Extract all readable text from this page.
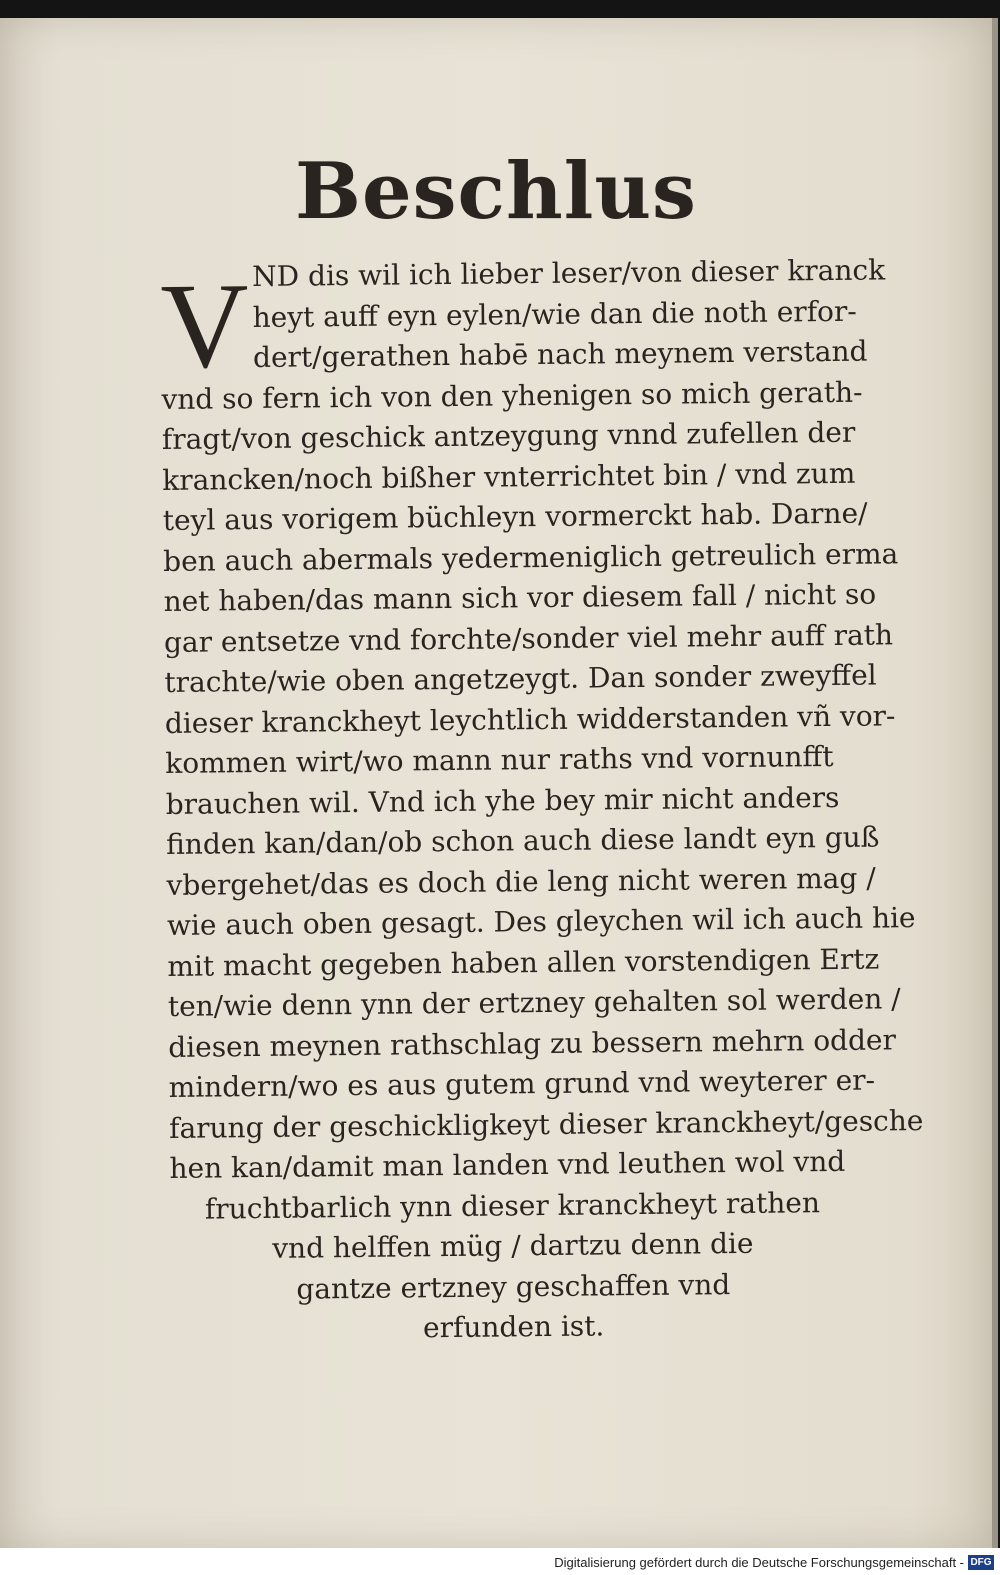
Beschlus
V ND dis wil ich lieber leser/von dieser kranck
heyt auff eyn eylen/wie dan die noth erfor-
dert/gerathen habē nach meynem verstand
vnd so fern ich von den yhenigen so mich gerath-
fragt/von geschick antzeygung vnnd zufellen der
krancken/noch bißher vnterrichtet bin / vnd zum
teyl aus vorigem büchleyn vormerckt hab. Darne/
ben auch abermals yedermeniglich getreulich erma
net haben/das mann sich vor diesem fall / nicht so
gar entsetze vnd forchte/sonder viel mehr auff rath
trachte/wie oben angetzeygt. Dan sonder zweyffel
dieser kranckheyt leychtlich widderstanden vñ vor-
kommen wirt/wo mann nur raths vnd vornunfft
brauchen wil. Vnd ich yhe bey mir nicht anders
finden kan/dan/ob schon auch diese landt eyn guß
vbergehet/das es doch die leng nicht weren mag /
wie auch oben gesagt. Des gleychen wil ich auch hie
mit macht gegeben haben allen vorstendigen Ertz
ten/wie denn ynn der ertzney gehalten sol werden /
diesen meynen rathschlag zu bessern mehrn odder
mindern/wo es aus gutem grund vnd weyterer er-
farung der geschickligkeyt dieser kranckheyt/gesche
hen kan/damit man landen vnd leuthen wol vnd
fruchtbarlich ynn dieser kranckheyt rathen
vnd helffen müg / dartzu denn die
gantze ertzney geschaffen vnd
erfunden ist.
Digitalisierung gefördert durch die Deutsche Forschungsgemeinschaft - DFG
